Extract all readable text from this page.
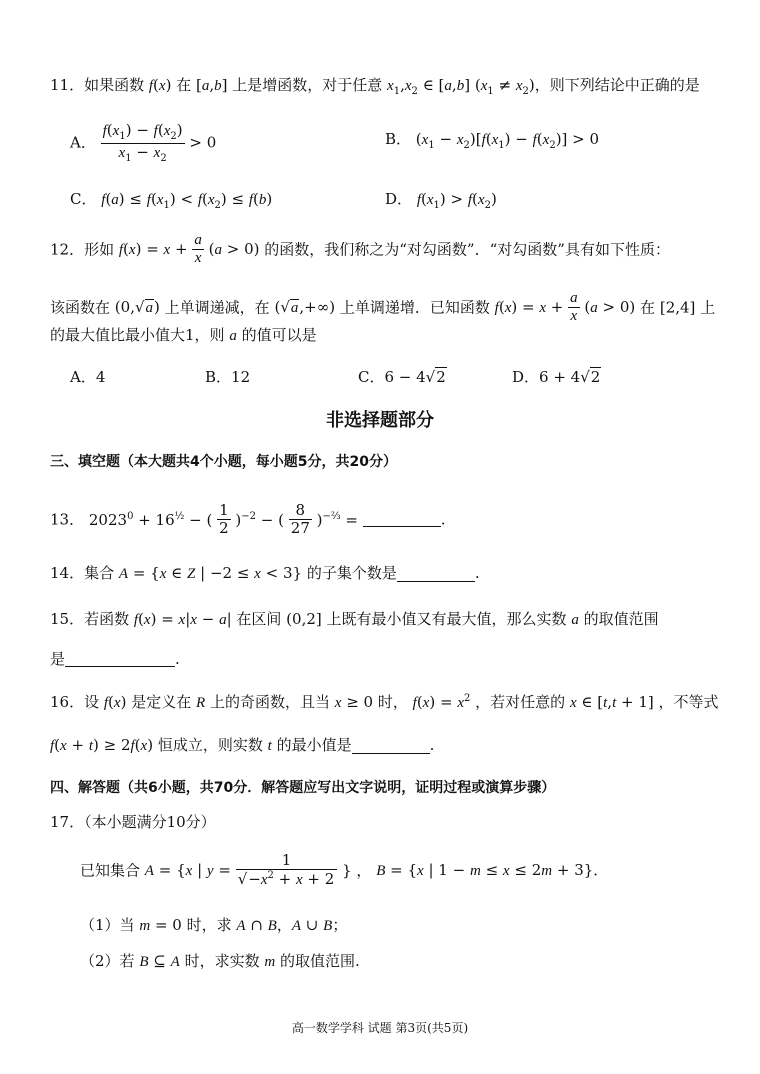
11．如果函数 f(x) 在 [a,b] 上是增函数，对于任意 $x_1,x_2$ ∈ [a,b] $(x_1 \ne x_2)$，则下列结论中正确的是
A． $\frac{f(x_1) - f(x_2)}{x_1 - x_2} > 0$	B． $(x_1 - x_2)[f(x_1) - f(x_2)] > 0$
C． $f(a) \le f(x_1) < f(x_2) \le f(b)$	D． $f(x_1) > f(x_2)$
12．形如 $f(x) = x + \frac{a}{x} (a > 0)$ 的函数，我们称之为“对勾函数”．“对勾函数”具有如下性质：
该函数在 (0,√a) 上单调递减，在 (√a,+∞) 上单调递增．已知函数 $f(x) = x + \frac{a}{x} (a > 0)$ 在 [2,4] 上
的最大值比最小值大1，则 a 的值可以是
A．4	B．12	C．6 − 4√2	D．6 + 4√2
非选择题部分
三、填空题（本大题共4个小题，每小题5分，共20分）
13． $2023^0 + 16^{\frac{1}{2}}$ − ( $\frac{1}{2} )^{-2}$ − ( $\frac{8}{27} )^{-\frac{2}{3}}$ =	.
14．集合 A = {x ∈ Z | −2 ≤ x < 3} 的子集个数是	.
15．若函数 f(x) = x|x − a| 在区间 (0,2] 上既有最小值又有最大值，那么实数 a 的取值范围
是	.
16．设 f(x) 是定义在 R 上的奇函数，且当 x ≥ 0 时， $f(x) = x^2$ ，若对任意的 x ∈ [t,t + 1] ，不等式
f(x + t) ≥ 2f(x) 恒成立，则实数 t 的最小值是	.
四、解答题（共6小题，共70分．解答题应写出文字说明，证明过程或演算步骤）
17．（本小题满分10分）
已知集合 A = {x | $y = \frac{1}{√-x^2 + x + 2}$ } ， B = {x | 1 − m ≤ x ≤ 2m + 3}．
（1）当 m = 0 时，求 A ∩ B，A ∪ B；
（2）若 B ⊆ A 时，求实数 m 的取值范围.
高一数学学科 试题 第3页(共5页)
